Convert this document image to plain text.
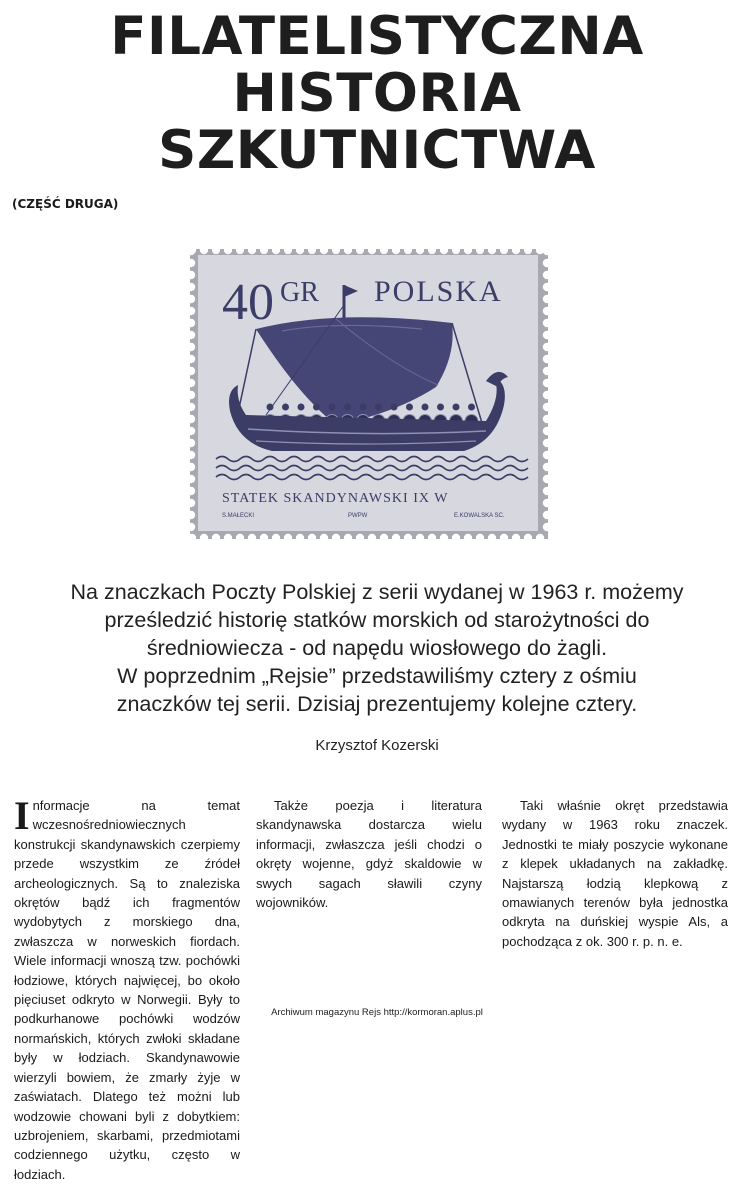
FILATELISTYCZNA
HISTORIA
SZKUTNICTWA
(CZĘŚĆ DRUGA)
40 GR POLSKA
STATEK SKANDYNAWSKI IX W
S.MAŁECKI	PWPW	E.KOWALSKA SC.
Na znaczkach Poczty Polskiej z serii wydanej w 1963 r. możemy
prześledzić historię statków morskich od starożytności do
średniowiecza - od napędu wiosłowego do żagli.
W poprzednim „Rejsie” przedstawiliśmy cztery z ośmiu
znaczków tej serii. Dzisiaj prezentujemy kolejne cztery.
Krzysztof Kozerski

Informacje na temat wczesnośredniowiecznych konstrukcji skandynawskich czerpiemy przede wszystkim ze źródeł archeologicznych. Są to znaleziska okrętów bądź ich fragmentów wydobytych z morskiego dna, zwłaszcza w norweskich fiordach. Wiele informacji wnoszą tzw. pochówki łodziowe, których najwięcej, bo około pięciuset odkryto w Norwegii. Były to podkurhanowe pochówki wodzów normańskich, których zwłoki składane były w łodziach. Skandynawowie wierzyli bowiem, że zmarły żyje w zaświatach. Dlatego też możni lub wodzowie chowani byli z dobytkiem: uzbrojeniem, skarbami, przedmiotami codziennego użytku, często w łodziach.

Także poezja i literatura skandynawska dostarcza wielu informacji, zwłaszcza jeśli chodzi o okręty wojenne, gdyż skaldowie w swych sagach sławili czyny wojowników.

Taki właśnie okręt przedstawia wydany w 1963 roku znaczek. Jednostki te miały poszycie wykonane z klepek układanych na zakładkę. Najstarszą łodzią klepkową z omawianych terenów była jednostka odkryta na duńskiej wyspie Als, a pochodząca z ok. 300 r. p. n. e.

Archiwum magazynu Rejs http://kormoran.aplus.pl
